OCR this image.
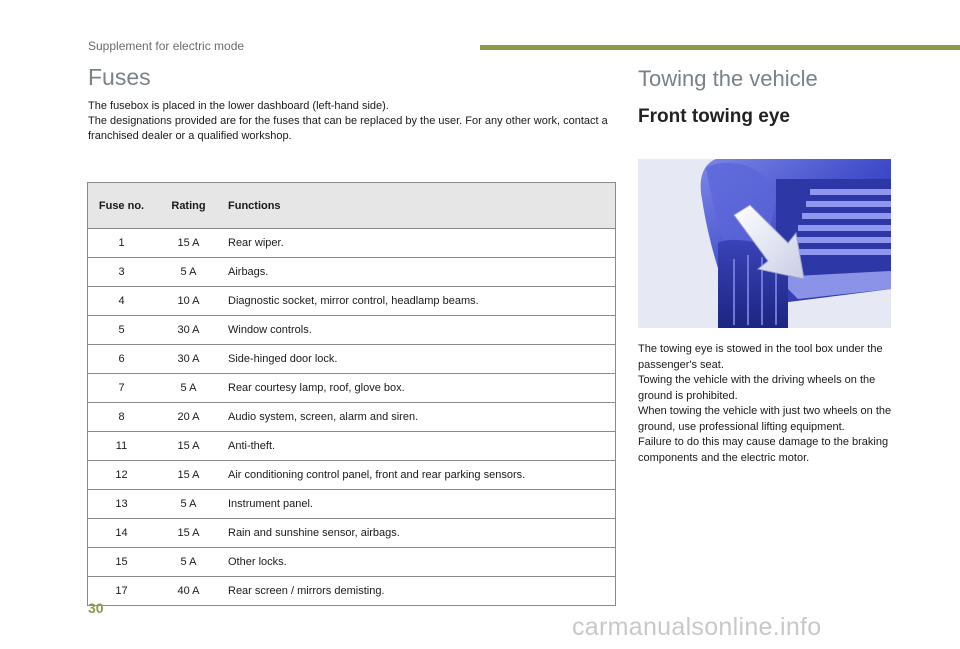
Supplement for electric mode
Fuses

The fusebox is placed in the lower dashboard (left-hand side).
The designations provided are for the fuses that can be replaced by the user. For any other work, contact a franchised dealer or a qualified workshop.

Fuse no.	Rating	Functions
1	15 A	Rear wiper.
3	5 A	Airbags.
4	10 A	Diagnostic socket, mirror control, headlamp beams.
5	30 A	Window controls.
6	30 A	Side-hinged door lock.
7	5 A	Rear courtesy lamp, roof, glove box.
8	20 A	Audio system, screen, alarm and siren.
11	15 A	Anti-theft.
12	15 A	Air conditioning control panel, front and rear parking sensors.
13	5 A	Instrument panel.
14	15 A	Rain and sunshine sensor, airbags.
15	5 A	Other locks.
17	40 A	Rear screen / mirrors demisting.
Towing the vehicle
Front towing eye
The towing eye is stowed in the tool box under the passenger's seat.
Towing the vehicle with the driving wheels on the ground is prohibited.
When towing the vehicle with just two wheels on the ground, use professional lifting equipment.
Failure to do this may cause damage to the braking components and the electric motor.
30
carmanualsonline.info
